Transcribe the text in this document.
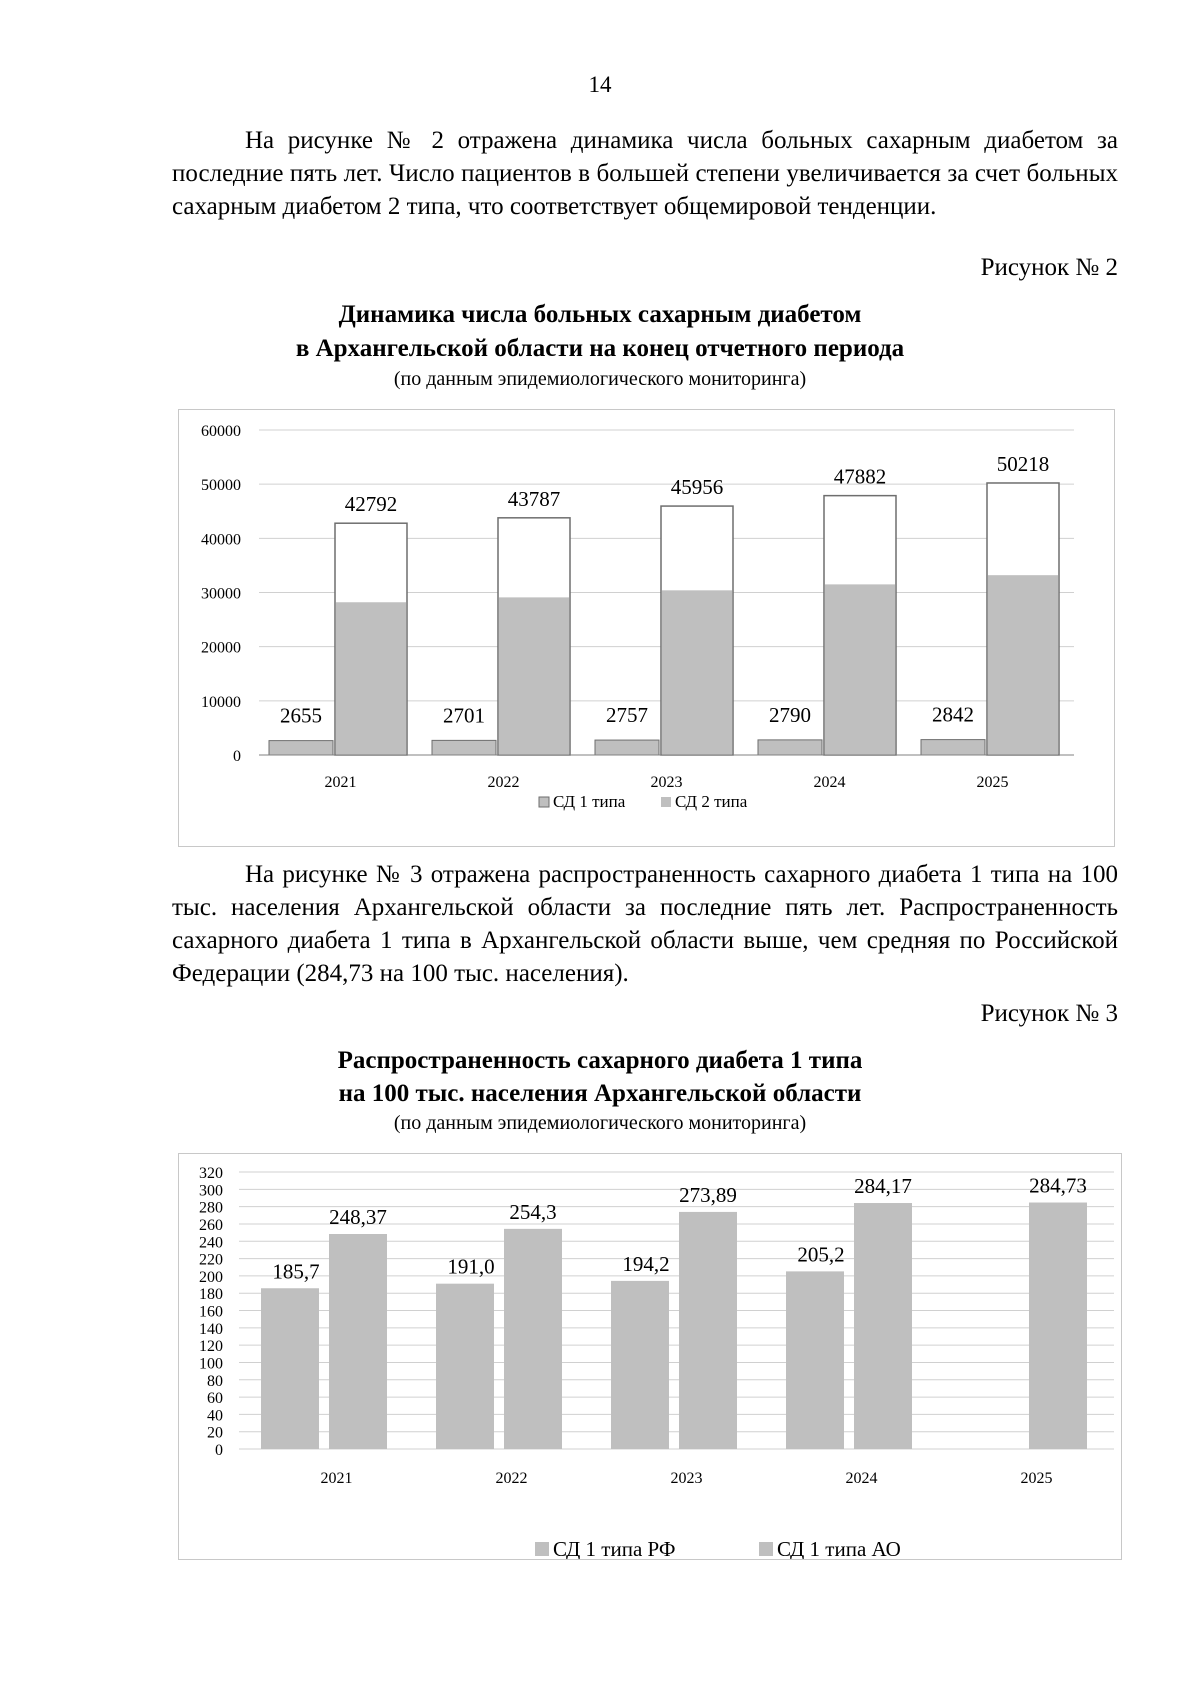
14

На рисунке № 2 отражена динамика числа больных сахарным диабетом за последние пять лет. Число пациентов в большей степени увеличивается за счет больных сахарным диабетом 2 типа, что соответствует общемировой тенденции.

Рисунок № 2
Динамика числа больных сахарным диабетом
в Архангельской области на конец отчетного периода
(по данным эпидемиологического мониторинга)
0
10000
20000
30000
40000
50000
60000
2655
42792
2021
2701
43787
2022
2757
45956
2023
2790
47882
2024
2842
50218
2025
СД 1 типа	СД 2 типа

На рисунке № 3 отражена распространенность сахарного диабета 1 типа на 100 тыс. населения Архангельской области за последние пять лет. Распространенность сахарного диабета 1 типа в Архангельской области выше, чем средняя по Российской Федерации (284,73 на 100 тыс. населения).

Рисунок № 3
Распространенность сахарного диабета 1 типа
на 100 тыс. населения Архангельской области
(по данным эпидемиологического мониторинга)
0
20
40
60
80
100
120
140
160
180
200
220
240
260
280
300
320
185,7
248,37
2021
191,0
254,3
2022
194,2
273,89
2023
205,2
284,17
2024
284,73
2025
СД 1 типа РФ	СД 1 типа АО
